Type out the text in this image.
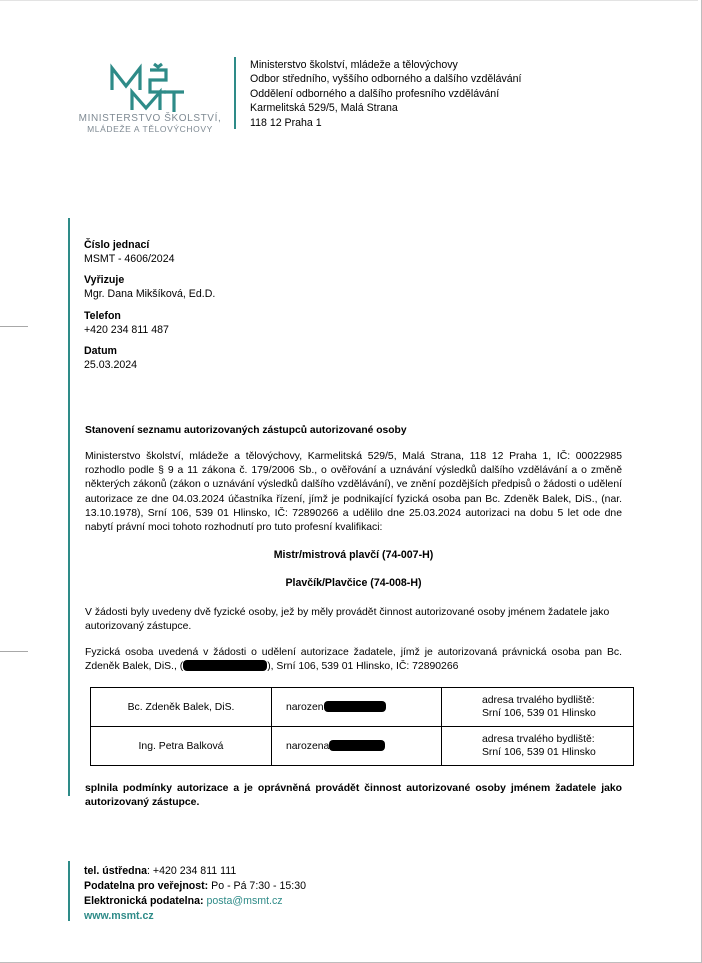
MINISTERSTVO ŠKOLSTVÍ,
MLÁDEŽE A TĚLOVÝCHOVY
Ministerstvo školství, mládeže a tělovýchovy
Odbor středního, vyššího odborného a dalšího vzdělávání
Oddělení odborného a dalšího profesního vzdělávání
Karmelitská 529/5, Malá Strana
118 12 Praha 1
Číslo jednací
MSMT - 4606/2024
Vyřizuje
Mgr. Dana Mikšíková, Ed.D.
Telefon
+420 234 811 487
Datum
25.03.2024
Stanovení seznamu autorizovaných zástupců autorizované osoby
Ministerstvo školství, mládeže a tělovýchovy, Karmelitská 529/5, Malá Strana, 118 12 Praha 1, IČ: 00022985 rozhodlo podle § 9 a 11 zákona č. 179/2006 Sb., o ověřování a uznávání výsledků dalšího vzdělávání a o změně některých zákonů (zákon o uznávání výsledků dalšího vzdělávání), ve znění pozdějších předpisů o žádosti o udělení autorizace ze dne 04.03.2024 účastníka řízení, jímž je podnikající fyzická osoba pan Bc. Zdeněk Balek, DiS., (nar. 13.10.1978), Srní 106, 539 01 Hlinsko, IČ: 72890266 a udělilo dne 25.03.2024 autorizaci na dobu 5 let ode dne nabytí právní moci tohoto rozhodnutí pro tuto profesní kvalifikaci:
Mistr/mistrová plavčí (74-007-H)
Plavčík/Plavčice (74-008-H)
V žádosti byly uvedeny dvě fyzické osoby, jež by měly provádět činnost autorizované osoby jménem žadatele jako autorizovaný zástupce.
Fyzická osoba uvedená v žádosti o udělení autorizace žadatele, jímž je autorizovaná právnická osoba pan Bc. Zdeněk Balek, DiS., (	), Srní 106, 539 01 Hlinsko, IČ: 72890266
Bc. Zdeněk Balek, DiS.	narozen	adresa trvalého bydliště:
Srní 106, 539 01 Hlinsko

Ing. Petra Balková	narozena	adresa trvalého bydliště:
Srní 106, 539 01 Hlinsko
splnila podmínky autorizace a je oprávněná provádět činnost autorizované osoby jménem žadatele jako autorizovaný zástupce.
tel. ústředna: +420 234 811 111
Podatelna pro veřejnost: Po - Pá 7:30 - 15:30
Elektronická podatelna: posta@msmt.cz
www.msmt.cz
